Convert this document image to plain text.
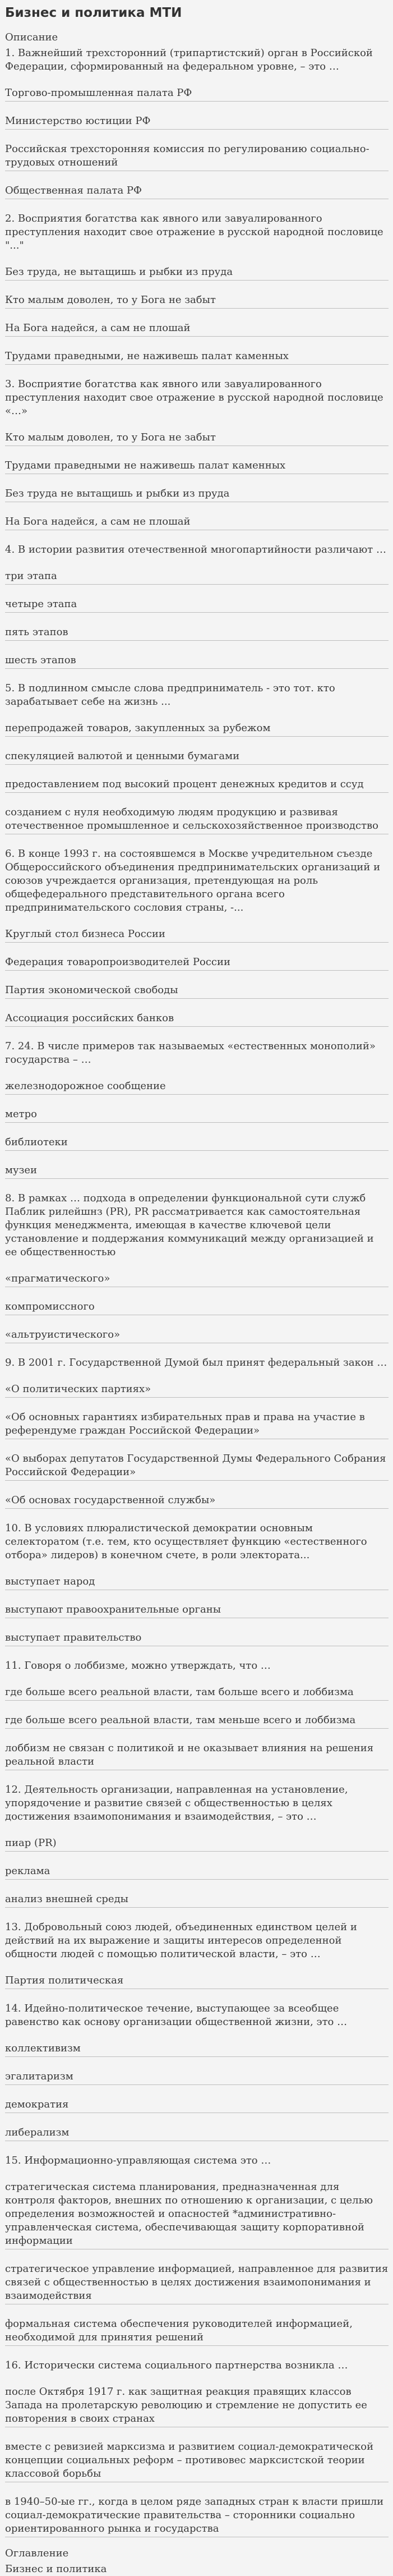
Бизнес и политика МТИ
Описание
1. Важнейший трехсторонний (трипартистский) орган в Российской Федерации, сформированный на федеральном уровне, – это …
Торгово-промышленная палата РФ
Министерство юстиции РФ
Российская трехсторонняя комиссия по регулированию социально-трудовых отношений
Общественная палата РФ
2. Восприятия богатства как явного или завуалированного преступления находит свое отражение в русской народной пословице "..."
Без труда, не вытащишь и рыбки из пруда
Кто малым доволен, то у Бога не забыт
На Бога надейся, а сам не плошай
Трудами праведными, не наживешь палат каменных
3. Восприятие богатства как явного или завуалированного преступления находит свое отражение в русской народной пословице «…»
Кто малым доволен, то у Бога не забыт
Трудами праведными не наживешь палат каменных
Без труда не вытащишь и рыбки из пруда
На Бога надейся, а сам не плошай
4. В истории развития отечественной многопартийности различают …
три этапа
четыре этапа
пять этапов
шесть этапов
5. В подлинном смысле слова предприниматель - это тот. кто зарабатывает себе на жизнь ...
перепродажей товаров, закупленных за рубежом
спекуляцией валютой и ценными бумагами
предоставлением под высокий процент денежных кредитов и ссуд
созданием с нуля необходимую людям продукцию и развивая отечественное промышленное и сельскохозяйственное производство
6. В конце 1993 г. на состоявшемся в Москве учредительном съезде Общероссийского объединения предпринимательских организаций и союзов учреждается организация, претендующая на роль общефедерального представительного органа всего предпринимательского сословия страны, -...
Круглый стол бизнеса России
Федерация товаропроизводителей России
Партия экономической свободы
Ассоциация российских банков
7. 24. В числе примеров так называемых «естественных монополий» государства – …
железнодорожное сообщение
метро
библиотеки
музеи
8. В рамках … подхода в определении функциональной сути служб Паблик рилейшнз (PR), PR рассматривается как самостоятельная функция менеджмента, имеющая в качестве ключевой цели установление и поддержания коммуникаций между организацией и ее общественностью
«прагматического»
компромиссного
«альтруистического»
9. В 2001 г. Государственной Думой был принят федеральный закон …
«О политических партиях»
«Об основных гарантиях избирательных прав и права на участие в референдуме граждан Российской Федерации»
«О выборах депутатов Государственной Думы Федерального Собрания Российской Федерации»
«Об основах государственной службы»
10. В условиях плюралистической демократии основным селекторатом (т.е. тем, кто осуществляет функцию «естественного отбора» лидеров) в конечном счете, в роли электората...
выступает народ
выступают правоохранительные органы
выступает правительство
11. Говоря о лоббизме, можно утверждать, что …
где больше всего реальной власти, там больше всего и лоббизма
где больше всего реальной власти, там меньше всего и лоббизма
лоббизм не связан с политикой и не оказывает влияния на решения реальной власти
12. Деятельность организации, направленная на установление, упорядочение и развитие связей с общественностью в целях достижения взаимопонимания и взаимодействия, – это …
пиар (PR)
реклама
анализ внешней среды
13. Добровольный союз людей, объединенных единством целей и действий на их выражение и защиты интересов определенной общности людей с помощью политической власти, – это …
Партия политическая
14. Идейно-политическое течение, выступающее за всеобщее равенство как основу организации общественной жизни, это …
коллективизм
эгалитаризм
демократия
либерализм
15. Информационно-управляющая система это …
стратегическая система планирования, предназначенная для контроля факторов, внешних по отношению к организации, с целью определения возможностей и опасностей *административно-управленческая система, обеспечивающая защиту корпоративной информации
стратегическое управление информацией, направленное для развития связей с общественностью в целях достижения взаимопонимания и взаимодействия
формальная система обеспечения руководителей информацией, необходимой для принятия решений
16. Исторически система социального партнерства возникла …
после Октября 1917 г. как защитная реакция правящих классов Запада на пролетарскую революцию и стремление не допустить ее повторения в своих странах
вместе с ревизией марксизма и развитием социал-демократической концепции социальных реформ – противовес марксистской теории классовой борьбы
в 1940–50-ые гг., когда в целом ряде западных стран к власти пришли социал-демократические правительства – сторонники социально ориентированного рынка и государства
Оглавление
Бизнес и политика
